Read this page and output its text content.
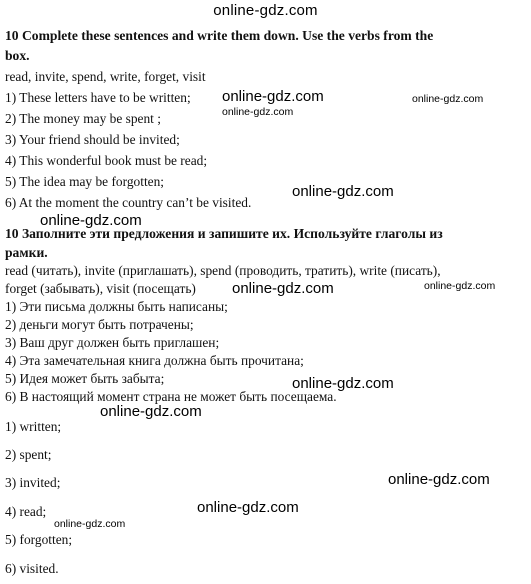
online-gdz.com
10 Complete these sentences and write them down. Use the verbs from the
box.
read, invite, spend, write, forget, visit
1) These letters have to be written;
2) The money may be spent ;
3) Your friend should be invited;
4) This wonderful book must be read;
5) The idea may be forgotten;
6) At the moment the country can’t be visited.
10 Заполните эти предложения и запишите их. Используйте глаголы из
рамки.
read (читать), invite (приглашать), spend (проводить, тратить), write (писать),
forget (забывать), visit (посещать)
1) Эти письма должны быть написаны;
2) деньги могут быть потрачены;
3) Ваш друг должен быть приглашен;
4) Эта замечательная книга должна быть прочитана;
5) Идея может быть забыта;
6) В настоящий момент страна не может быть посещаема.
1) written;
2) spent;
3) invited;
4) read;
5) forgotten;
6) visited.
online-gdz.com	online-gdz.com
online-gdz.com
online-gdz.com
online-gdz.com
online-gdz.com
online-gdz.com
online-gdz.com
online-gdz.com
online-gdz.com
online-gdz.com
online-gdz.com
